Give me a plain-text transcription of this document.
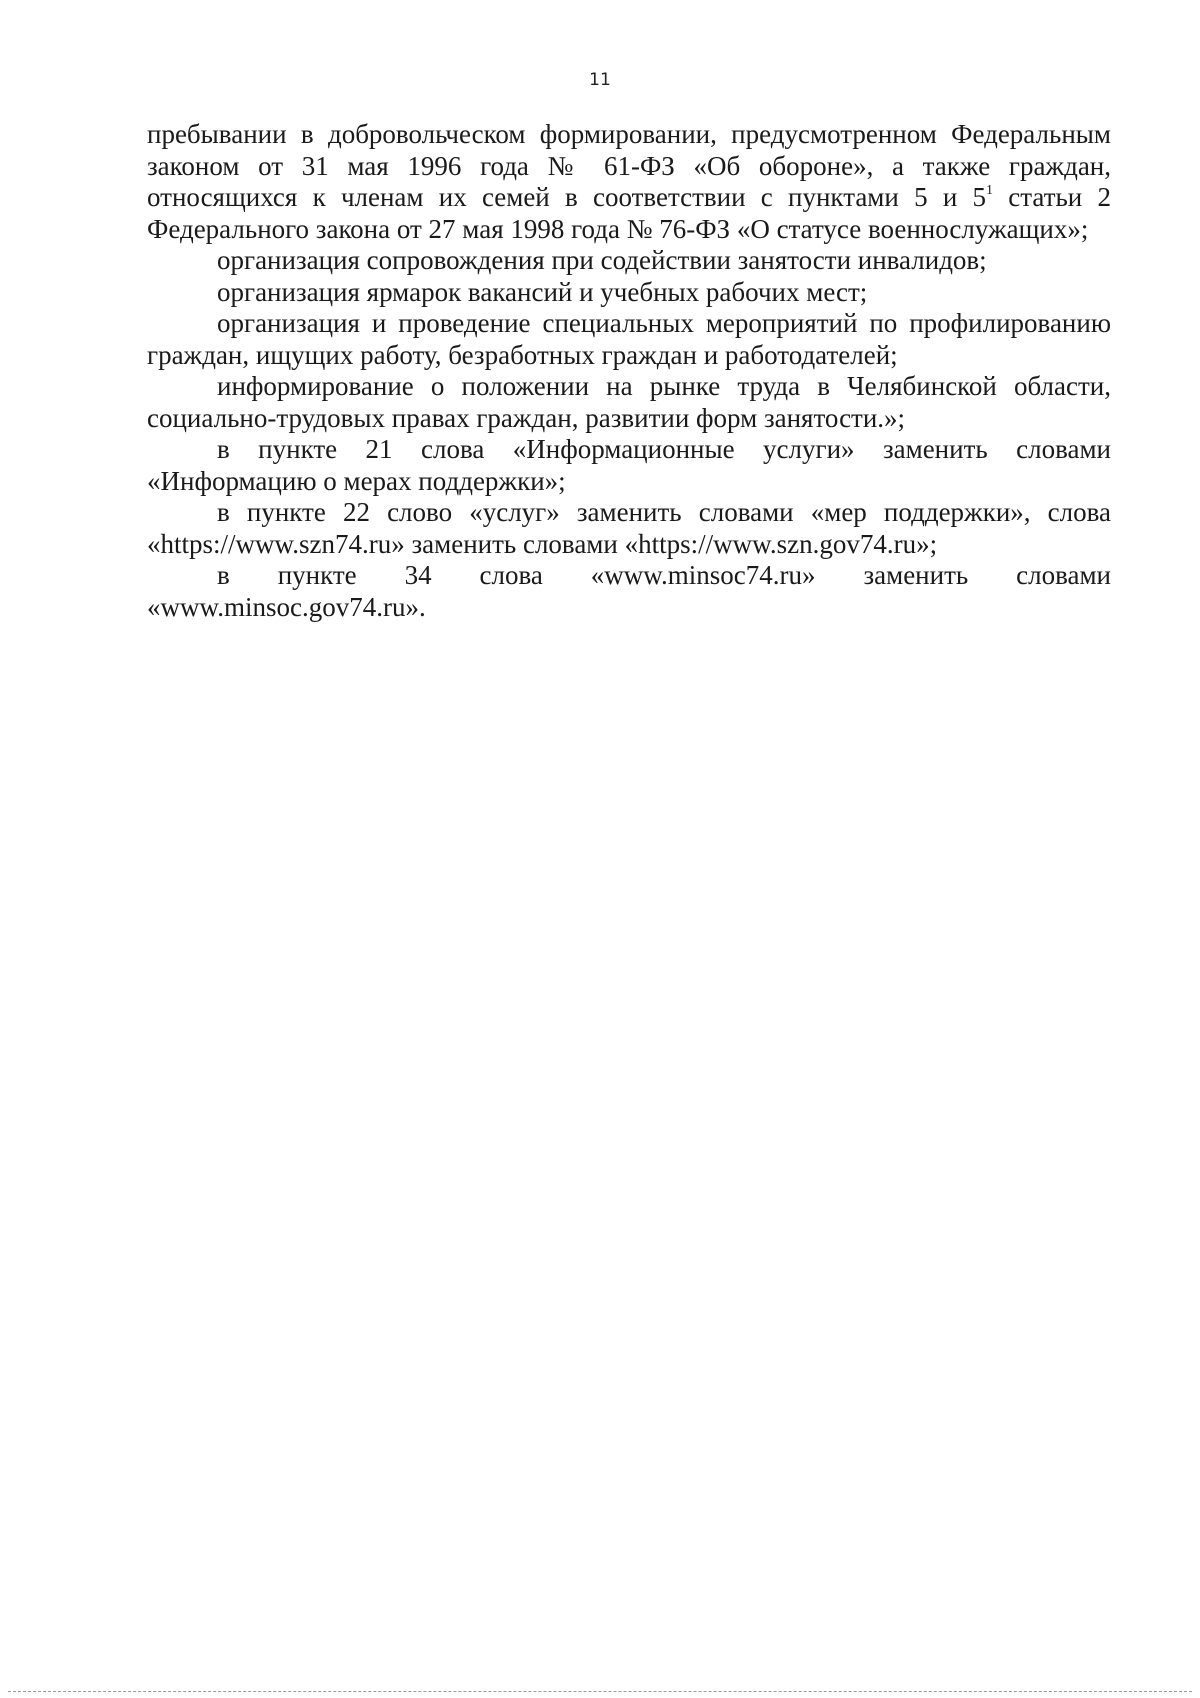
11

пребывании в добровольческом формировании, предусмотренном Федеральным законом от 31 мая 1996 года № 61-ФЗ «Об обороне», а также граждан, относящихся к членам их семей в соответствии с пунктами 5 и $5^1$ статьи 2 Федерального закона от 27 мая 1998 года № 76-ФЗ «О статусе военнослужащих»;

организация сопровождения при содействии занятости инвалидов;

организация ярмарок вакансий и учебных рабочих мест;

организация и проведение специальных мероприятий по профилированию граждан, ищущих работу, безработных граждан и работодателей;

информирование о положении на рынке труда в Челябинской области, социально-трудовых правах граждан, развитии форм занятости.»;

в пункте 21 слова «Информационные услуги» заменить словами «Информацию о мерах поддержки»;

в пункте 22 слово «услуг» заменить словами «мер поддержки», слова «https://www.szn74.ru» заменить словами «https://www.szn.gov74.ru»;

в пункте 34 слова «www.minsoc74.ru» заменить словами «www.minsoc.gov74.ru».
